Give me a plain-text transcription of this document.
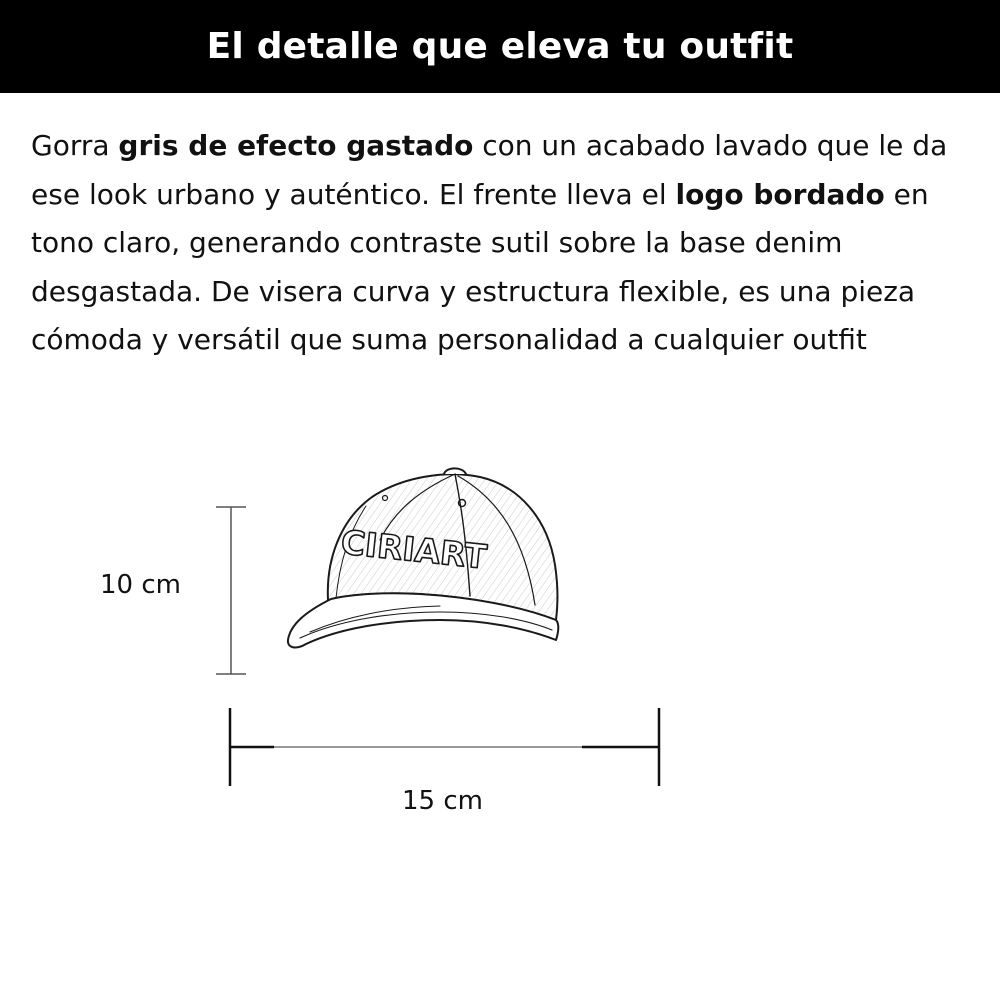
El detalle que eleva tu outfit

Gorra gris de efecto gastado con un acabado lavado que le da ese look urbano y auténtico. El frente lleva el logo bordado en tono claro, generando contraste sutil sobre la base denim desgastada. De visera curva y estructura flexible, es una pieza cómoda y versátil que suma personalidad a cualquier outfit

CIRIART
10 cm
15 cm
